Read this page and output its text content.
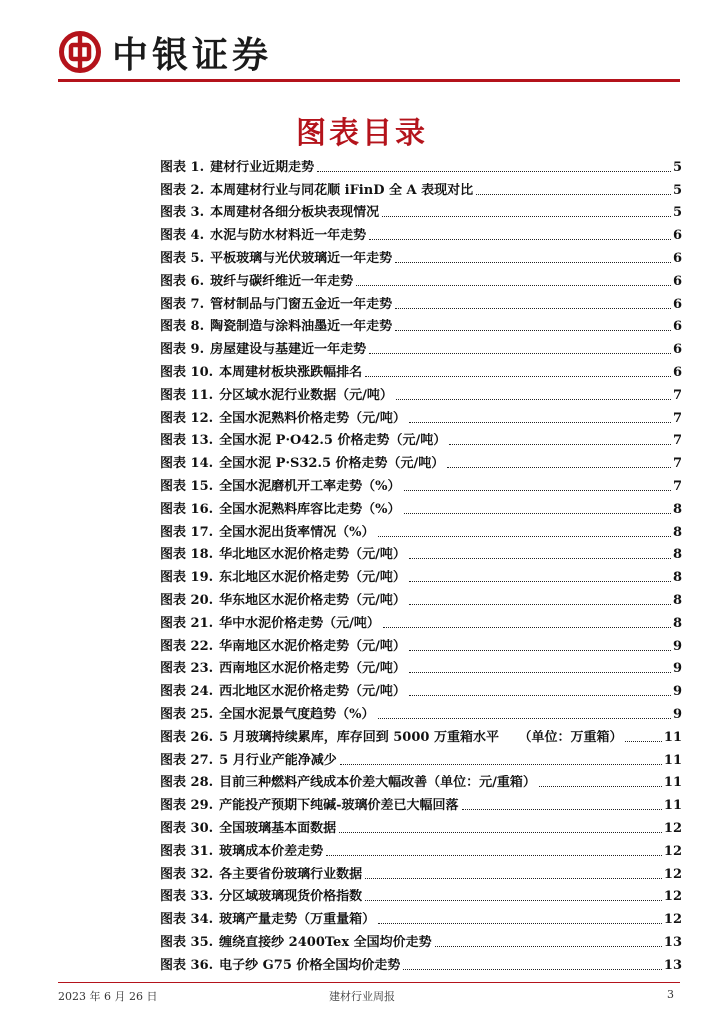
中银证券
图表目录
图表 1. 建材行业近期走势	5
图表 2. 本周建材行业与同花顺 iFinD 全 A 表现对比	5
图表 3. 本周建材各细分板块表现情况	5
图表 4. 水泥与防水材料近一年走势	6
图表 5. 平板玻璃与光伏玻璃近一年走势	6
图表 6. 玻纤与碳纤维近一年走势	6
图表 7. 管材制品与门窗五金近一年走势	6
图表 8. 陶瓷制造与涂料油墨近一年走势	6
图表 9. 房屋建设与基建近一年走势	6
图表 10. 本周建材板块涨跌幅排名	6
图表 11. 分区域水泥行业数据（元/吨）	7
图表 12. 全国水泥熟料价格走势（元/吨）	7
图表 13. 全国水泥 P·O42.5 价格走势（元/吨）	7
图表 14. 全国水泥 P·S32.5 价格走势（元/吨）	7
图表 15. 全国水泥磨机开工率走势（%）	7
图表 16. 全国水泥熟料库容比走势（%）	8
图表 17. 全国水泥出货率情况（%）	8
图表 18. 华北地区水泥价格走势（元/吨）	8
图表 19. 东北地区水泥价格走势（元/吨）	8
图表 20. 华东地区水泥价格走势（元/吨）	8
图表 21. 华中水泥价格走势（元/吨）	8
图表 22. 华南地区水泥价格走势（元/吨）	9
图表 23. 西南地区水泥价格走势（元/吨）	9
图表 24. 西北地区水泥价格走势（元/吨）	9
图表 25. 全国水泥景气度趋势（%）	9
图表 26. 5 月玻璃持续累库，库存回到 5000 万重箱水平　　（单位：万重箱）	11
图表 27. 5 月行业产能净减少	11
图表 28. 目前三种燃料产线成本价差大幅改善（单位：元/重箱）	11
图表 29. 产能投产预期下纯碱-玻璃价差已大幅回落	11
图表 30. 全国玻璃基本面数据	12
图表 31. 玻璃成本价差走势	12
图表 32. 各主要省份玻璃行业数据	12
图表 33. 分区域玻璃现货价格指数	12
图表 34. 玻璃产量走势（万重量箱）	12
图表 35. 缠绕直接纱 2400Tex 全国均价走势	13
图表 36. 电子纱 G75 价格全国均价走势	13
2023 年 6 月 26 日	建材行业周报	3
